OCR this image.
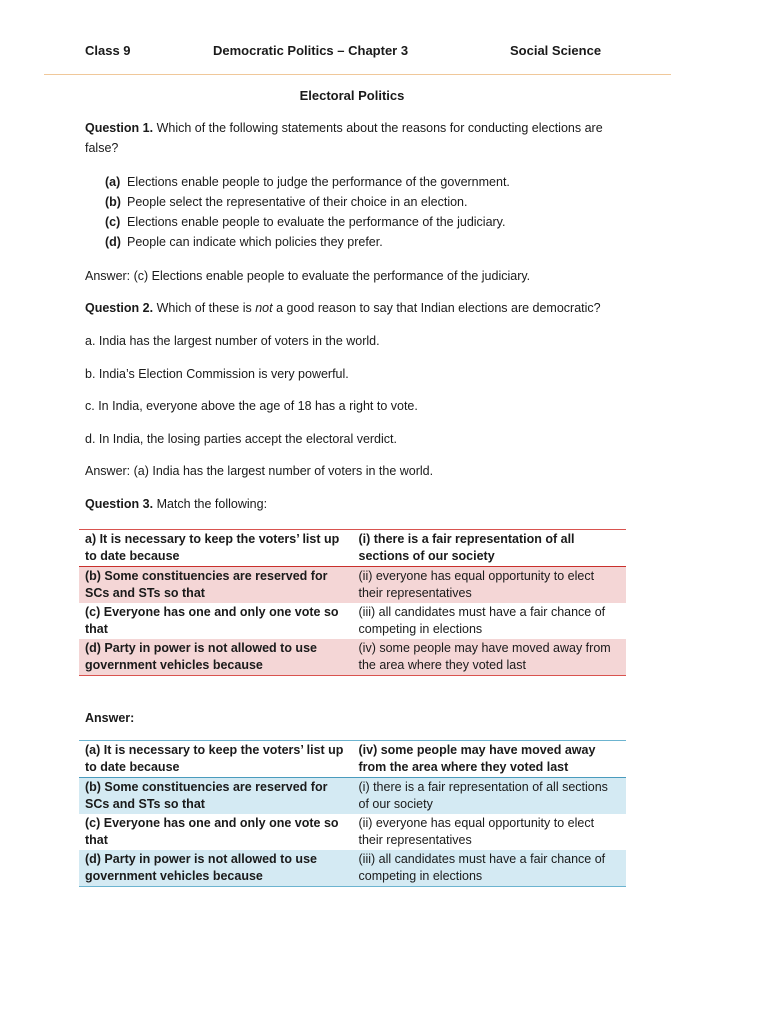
Class 9	Democratic Politics – Chapter 3	Social Science
Electoral Politics
Question 1. Which of the following statements about the reasons for conducting elections are false?
(a) Elections enable people to judge the performance of the government.
(b) People select the representative of their choice in an election.
(c) Elections enable people to evaluate the performance of the judiciary.
(d) People can indicate which policies they prefer.
Answer: (c) Elections enable people to evaluate the performance of the judiciary.
Question 2. Which of these is not a good reason to say that Indian elections are democratic?
a. India has the largest number of voters in the world.
b. India’s Election Commission is very powerful.
c. In India, everyone above the age of 18 has a right to vote.
d. In India, the losing parties accept the electoral verdict.
Answer: (a) India has the largest number of voters in the world.
Question 3. Match the following:
a) It is necessary to keep the voters’ list up to date because	(i) there is a fair representation of all sections of our society
(b) Some constituencies are reserved for SCs and STs so that	(ii) everyone has equal opportunity to elect their representatives
(c) Everyone has one and only one vote so that	(iii) all candidates must have a fair chance of competing in elections
(d) Party in power is not allowed to use government vehicles because	(iv) some people may have moved away from the area where they voted last
Answer:
(a) It is necessary to keep the voters’ list up to date because	(iv) some people may have moved away from the area where they voted last
(b) Some constituencies are reserved for SCs and STs so that	(i) there is a fair representation of all sections of our society
(c) Everyone has one and only one vote so that	(ii) everyone has equal opportunity to elect their representatives
(d) Party in power is not allowed to use government vehicles because	(iii) all candidates must have a fair chance of competing in elections
